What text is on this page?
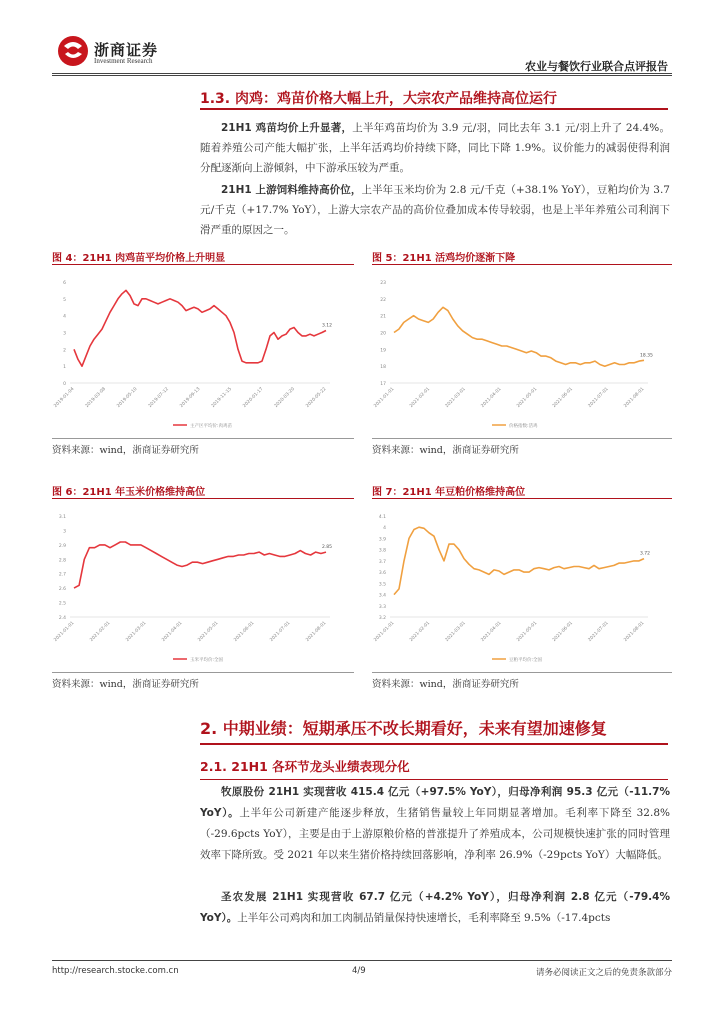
浙商证券
Investment Research	农业与餐饮行业联合点评报告
1.3. 肉鸡：鸡苗价格大幅上升，大宗农产品维持高位运行
21H1 鸡苗均价上升显著，上半年鸡苗均价为 3.9 元/羽，同比去年 3.1 元/羽上升了 24.4%。随着养殖公司产能大幅扩张，上半年活鸡均价持续下降，同比下降 1.9%。议价能力的减弱使得利润分配逐渐向上游倾斜，中下游承压较为严重。
21H1 上游饲料维持高价位，上半年玉米均价为 2.8 元/千克（+38.1% YoY），豆粕均价为 3.7 元/千克（+17.7% YoY），上游大宗农产品的高价位叠加成本传导较弱，也是上半年养殖公司利润下滑严重的原因之一。
图 4：21H1 肉鸡苗平均价格上升明显
6
5
4
3
2
1
0
2019-01-04 2019-03-08 2019-05-10 2019-07-12 2019-09-13 2019-11-15 2020-01-17 2020-03-20 2020-05-22
3.12
主产区平均价:肉鸡苗
资料来源：wind，浙商证券研究所
图 5：21H1 活鸡均价逐渐下降
23
22
21
20
19
18
17
2021-01-01	2021-02-01	2021-03-01	2021-04-01	2021-05-01	2021-06-01	2021-07-01	2021-08-01
18.35
价格指数:活鸡
资料来源：wind，浙商证券研究所
图 6：21H1 年玉米价格维持高位
3.1
3
2.9
2.8
2.7
2.6
2.5
2.4
2021-01-01	2021-02-01	2021-03-01	2021-04-01	2021-05-01	2021-06-01	2021-07-01	2021-08-01
2.85
玉米平均价:全国
资料来源：wind，浙商证券研究所
图 7：21H1 年豆粕价格维持高位
4.1
4
3.9
3.8
3.7
3.6
3.5
3.4
3.3
3.2
2021-01-01	2021-02-01	2021-03-01	2021-04-01	2021-05-01	2021-06-01	2021-07-01	2021-08-01
3.72
豆粕平均价:全国
资料来源：wind，浙商证券研究所
2. 中期业绩：短期承压不改长期看好，未来有望加速修复
2.1. 21H1 各环节龙头业绩表现分化
牧原股份 21H1 实现营收 415.4 亿元（+97.5% YoY），归母净利润 95.3 亿元（-11.7% YoY）。上半年公司新建产能逐步释放，生猪销售量较上年同期显著增加。毛利率下降至 32.8%（-29.6pcts YoY），主要是由于上游原粮价格的普涨提升了养殖成本，公司规模快速扩张的同时管理效率下降所致。受 2021 年以来生猪价格持续回落影响，净利率 26.9%（-29pcts YoY）大幅降低。
圣农发展 21H1 实现营收 67.7 亿元（+4.2% YoY），归母净利润 2.8 亿元（-79.4% YoY）。上半年公司鸡肉和加工肉制品销量保持快速增长，毛利率降至 9.5%（-17.4pcts
http://research.stocke.com.cn	4/9	请务必阅读正文之后的免责条款部分
